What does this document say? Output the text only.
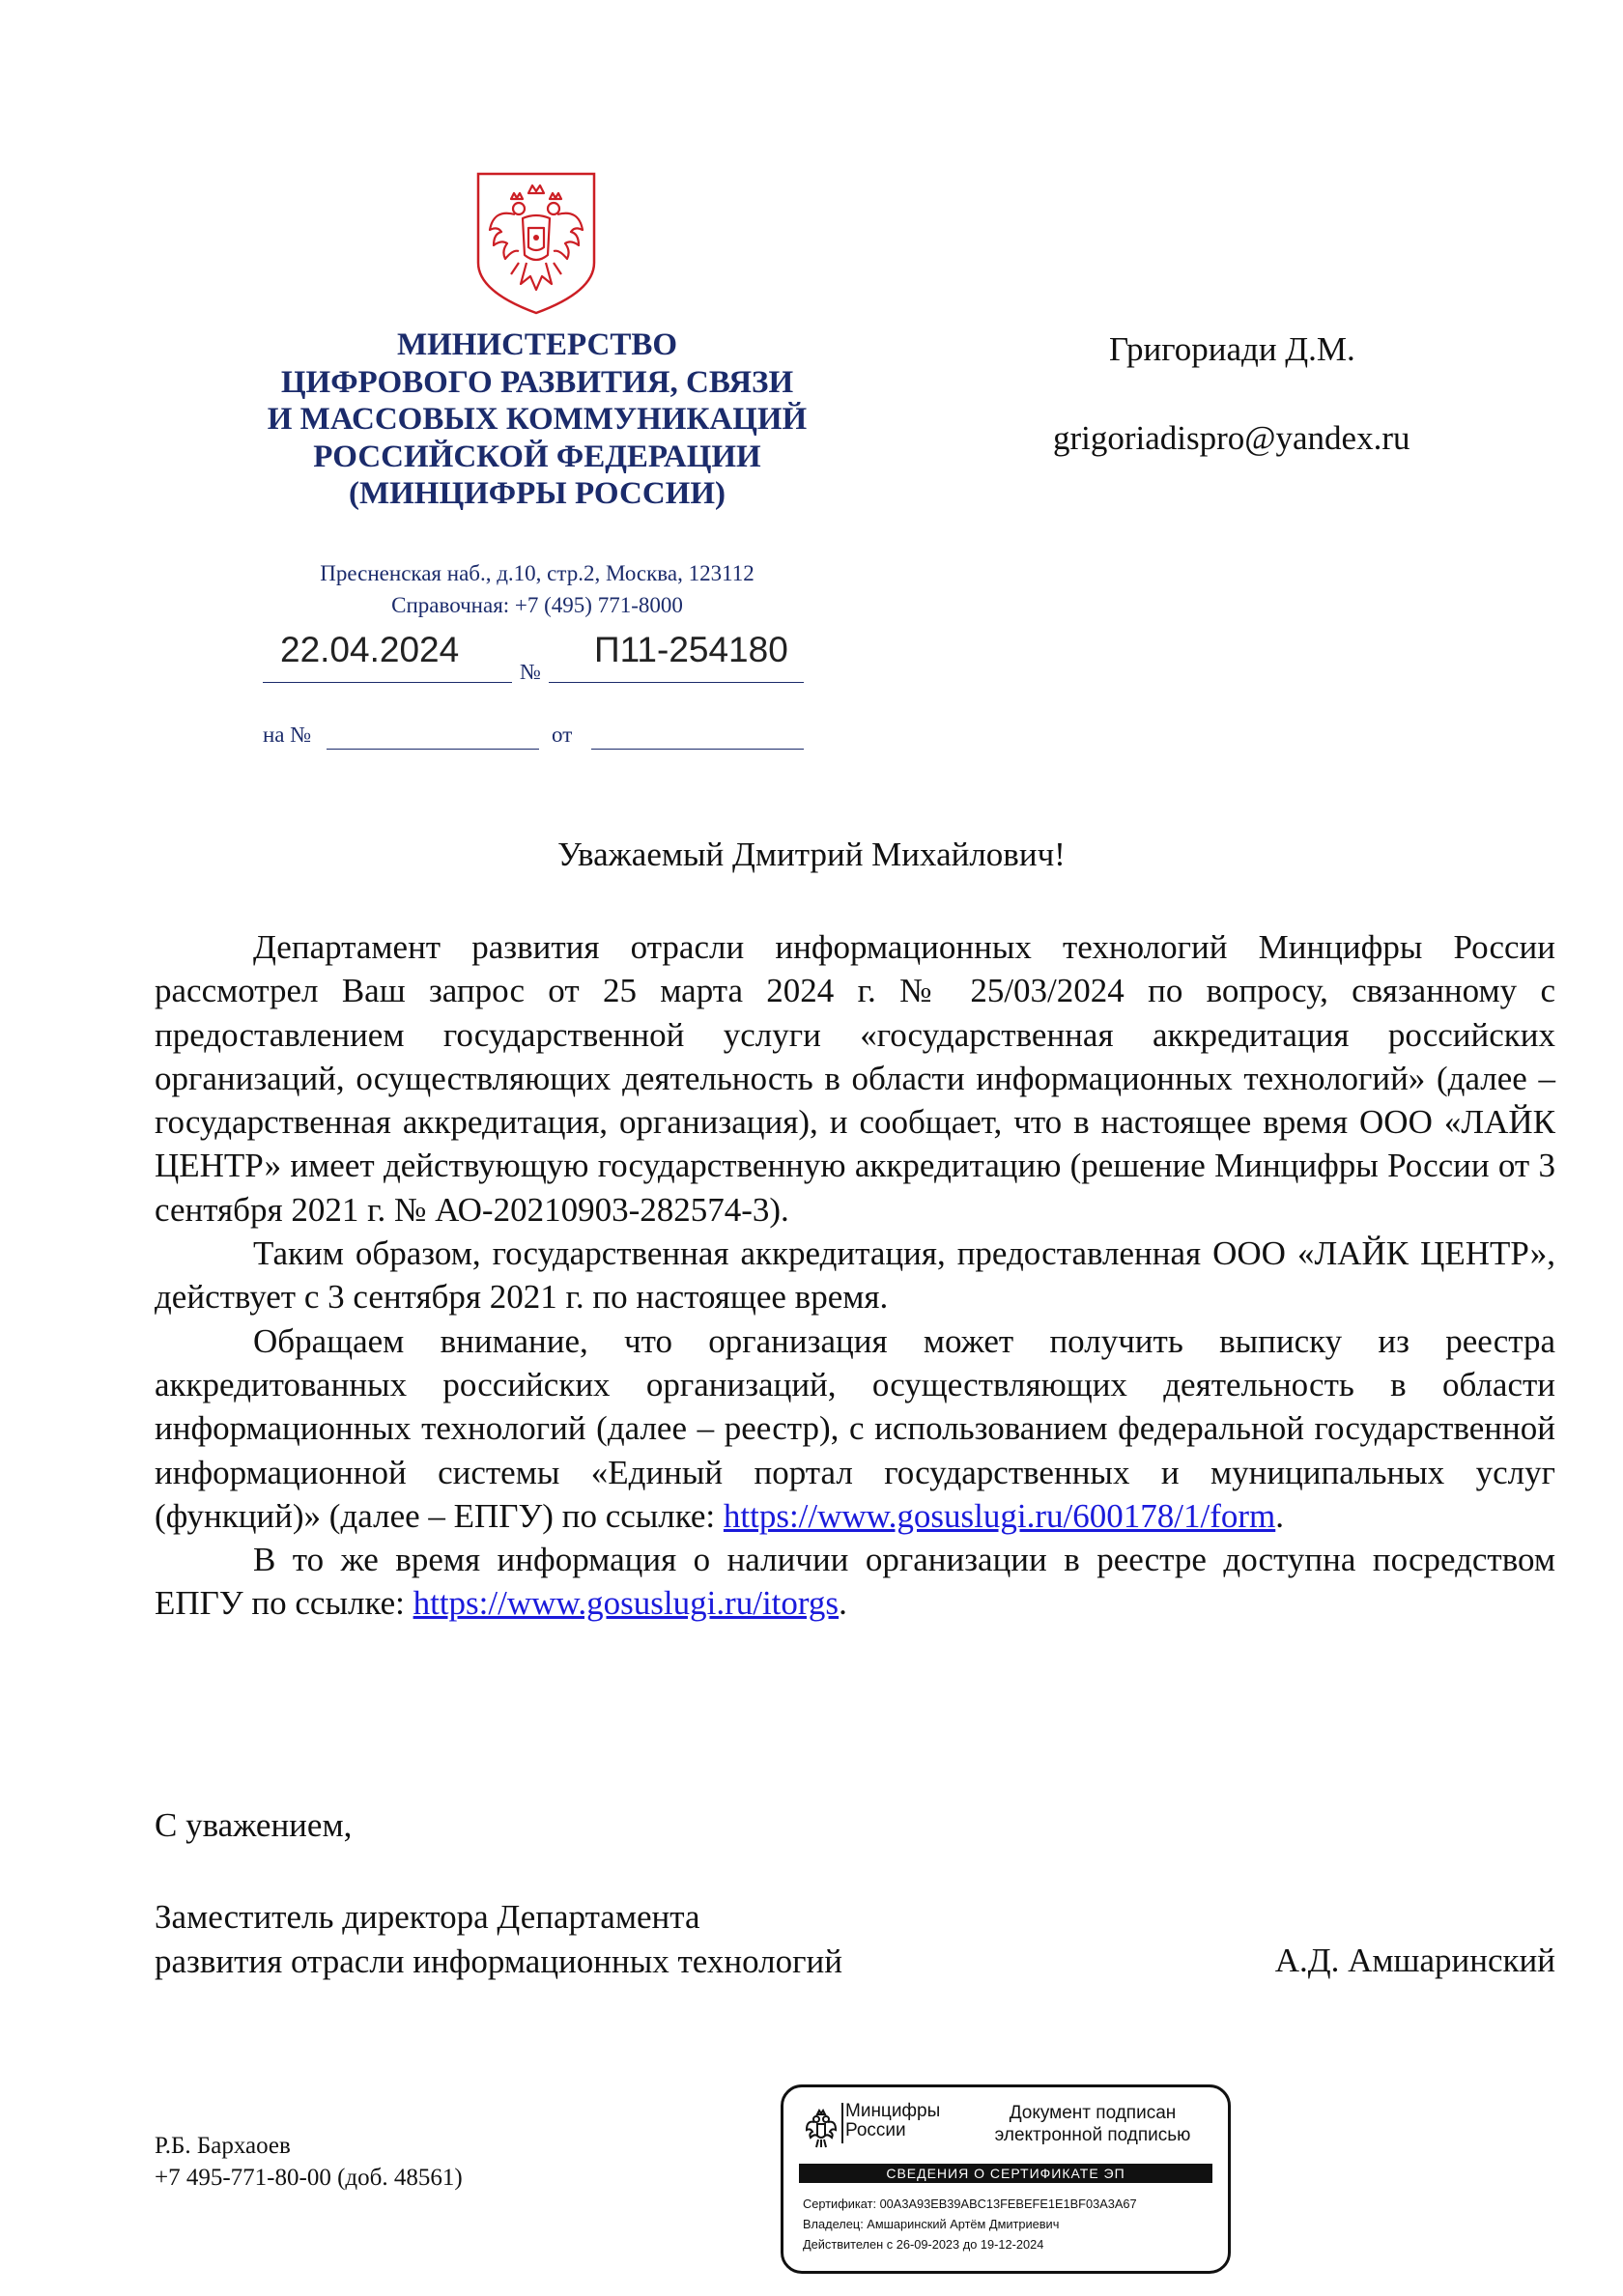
МИНИСТЕРСТВО
ЦИФРОВОГО РАЗВИТИЯ, СВЯЗИ
И МАССОВЫХ КОММУНИКАЦИЙ
РОССИЙСКОЙ ФЕДЕРАЦИИ
(МИНЦИФРЫ РОССИИ)
Пресненская наб., д.10, стр.2, Москва, 123112
Справочная: +7 (495) 771-8000
22.04.2024
№
П11-254180
на №	от
Григориади Д.М.
grigoriadispro@yandex.ru
Уважаемый Дмитрий Михайлович!

Департамент развития отрасли информационных технологий Минцифры России рассмотрел Ваш запрос от 25 марта 2024 г. № 25/03/2024 по вопросу, связанному с предоставлением государственной услуги «государственная аккредитация российских организаций, осуществляющих деятельность в области информационных технологий» (далее – государственная аккредитация, организация), и сообщает, что в настоящее время ООО «ЛАЙК ЦЕНТР» имеет действующую государственную аккредитацию (решение Минцифры России от 3 сентября 2021 г. № АО-20210903-282574-3).

Таким образом, государственная аккредитация, предоставленная ООО «ЛАЙК ЦЕНТР», действует с 3 сентября 2021 г. по настоящее время.

Обращаем внимание, что организация может получить выписку из реестра аккредитованных российских организаций, осуществляющих деятельность в области информационных технологий (далее – реестр), с использованием федеральной государственной информационной системы «Единый портал государственных и муниципальных услуг (функций)» (далее – ЕПГУ) по ссылке: https://www.gosuslugi.ru/600178/1/form.

В то же время информация о наличии организации в реестре доступна посредством ЕПГУ по ссылке: https://www.gosuslugi.ru/itorgs.

С уважением,
Заместитель директора Департамента
развития отрасли информационных технологий	А.Д. Амшаринский
Р.Б. Бархаоев
+7 495-771-80-00 (доб. 48561)
Минцифры
России
Документ подписан
электронной подписью
СВЕДЕНИЯ О СЕРТИФИКАТЕ ЭП
Сертификат: 00A3A93EB39ABC13FEBEFE1E1BF03A3A67
Владелец: Амшаринский Артём Дмитриевич
Действителен с 26-09-2023 до 19-12-2024
